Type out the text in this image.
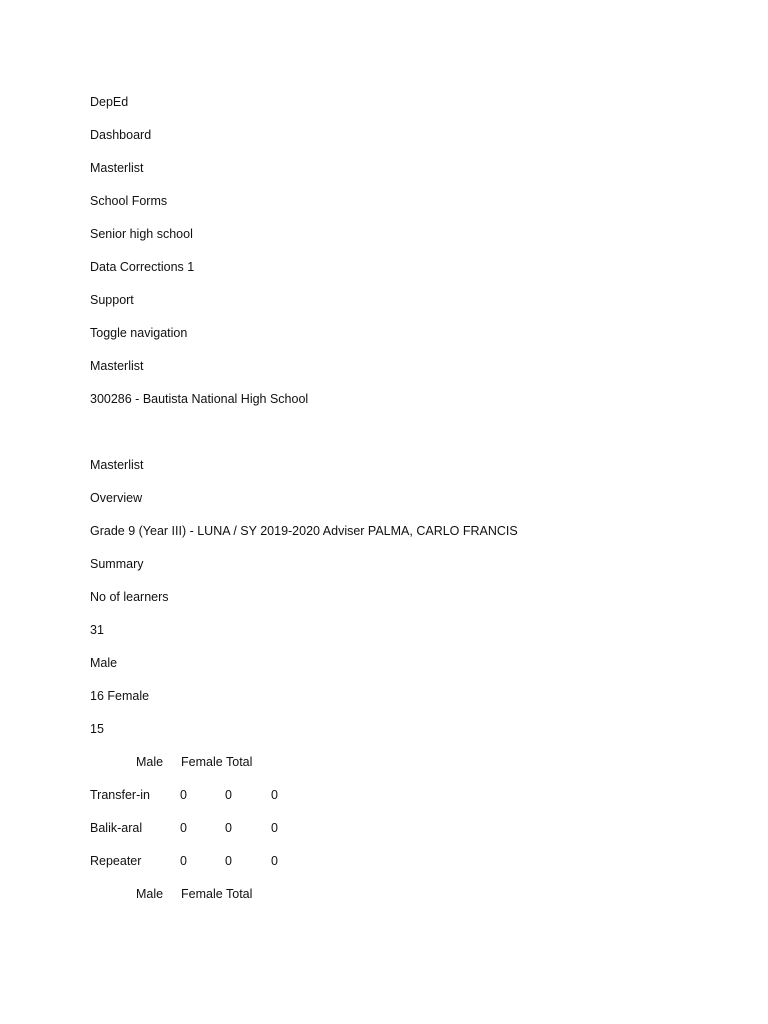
DepEd
Dashboard
Masterlist
School Forms
Senior high school
Data Corrections 1
Support
Toggle navigation
Masterlist
300286 - Bautista National High School
Masterlist
Overview
Grade 9 (Year III) - LUNA / SY 2019-2020 Adviser PALMA, CARLO FRANCIS
Summary
No of learners
31
Male
16 Female
15
Male Female Total
Transfer-in 0	0	0
Balik-aral	0	0	0
Repeater	0	0	0
Male Female Total
